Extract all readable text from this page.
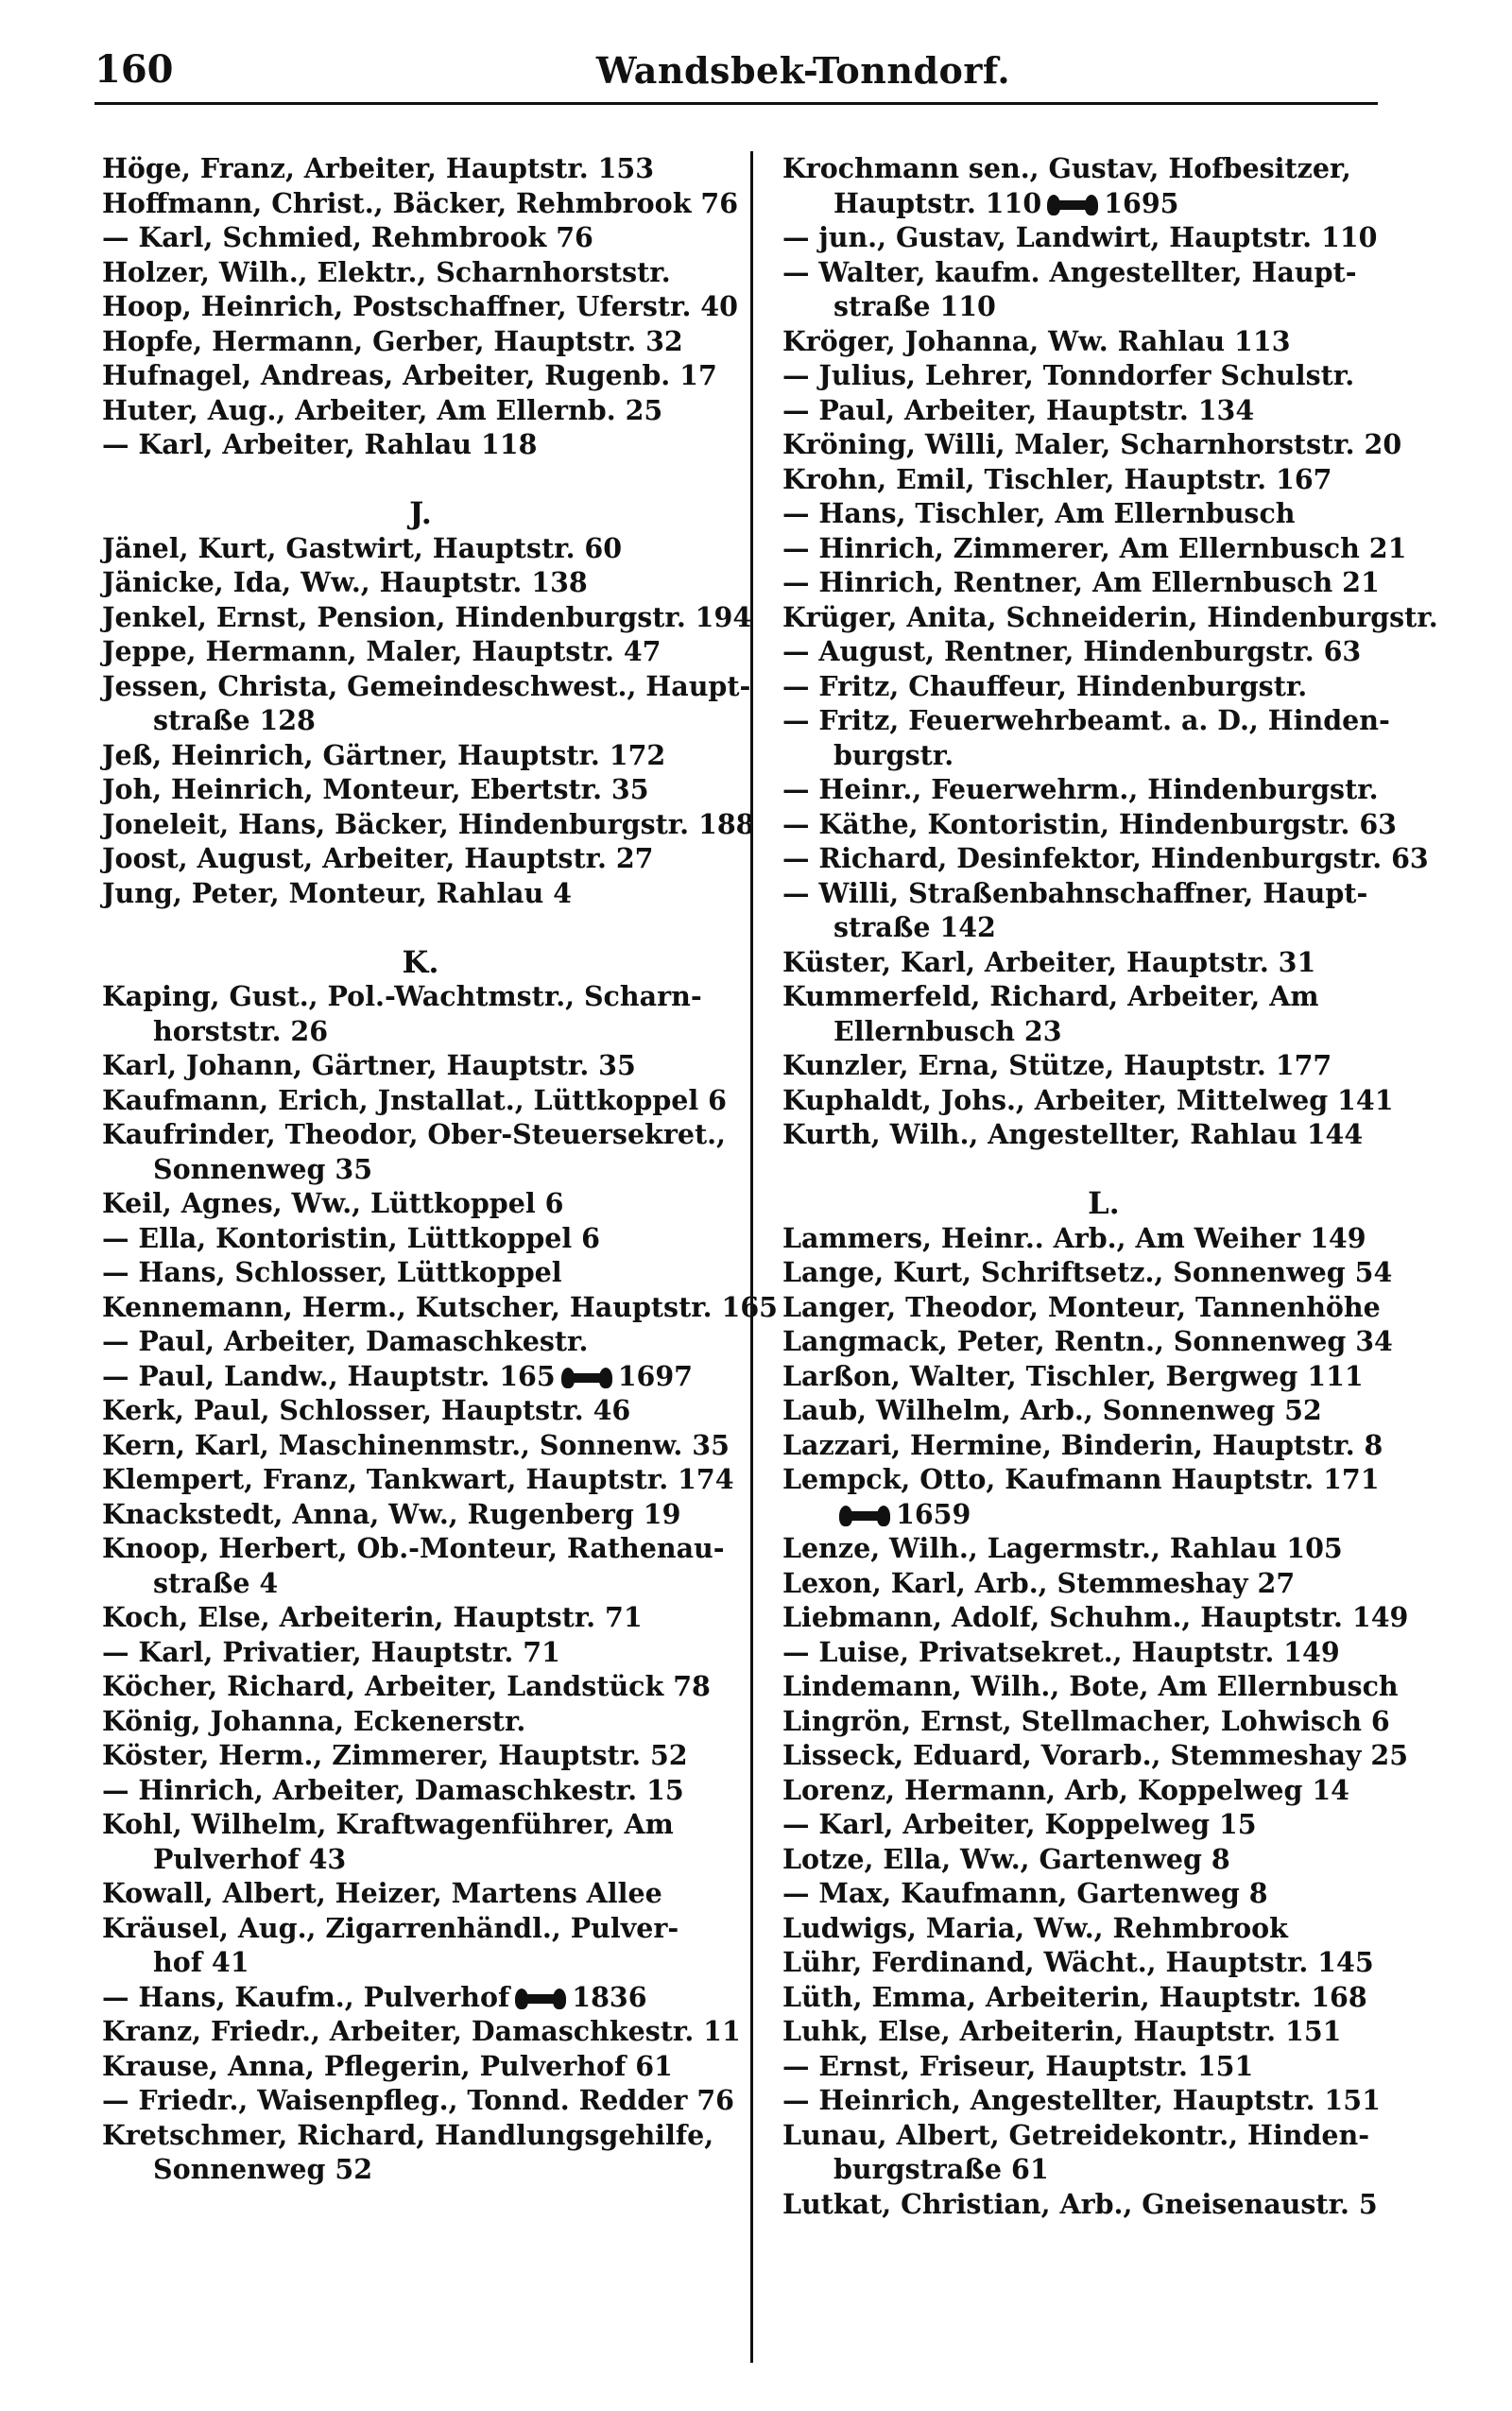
160	Wandsbek-Tonndorf.
Höge, Franz, Arbeiter, Hauptstr. 153
Hoffmann, Christ., Bäcker, Rehmbrook 76
— Karl, Schmied, Rehmbrook 76
Holzer, Wilh., Elektr., Scharnhorststr.
Hoop, Heinrich, Postschaffner, Uferstr. 40
Hopfe, Hermann, Gerber, Hauptstr. 32
Hufnagel, Andreas, Arbeiter, Rugenb. 17
Huter, Aug., Arbeiter, Am Ellernb. 25
— Karl, Arbeiter, Rahlau 118
J.
Jänel, Kurt, Gastwirt, Hauptstr. 60
Jänicke, Ida, Ww., Hauptstr. 138
Jenkel, Ernst, Pension, Hindenburgstr. 194
Jeppe, Hermann, Maler, Hauptstr. 47
Jessen, Christa, Gemeindeschwest., Haupt-
straße 128
Jeß, Heinrich, Gärtner, Hauptstr. 172
Joh, Heinrich, Monteur, Ebertstr. 35
Joneleit, Hans, Bäcker, Hindenburgstr. 188
Joost, August, Arbeiter, Hauptstr. 27
Jung, Peter, Monteur, Rahlau 4
K.
Kaping, Gust., Pol.-Wachtmstr., Scharn-
horststr. 26
Karl, Johann, Gärtner, Hauptstr. 35
Kaufmann, Erich, Jnstallat., Lüttkoppel 6
Kaufrinder, Theodor, Ober-Steuersekret.,
Sonnenweg 35
Keil, Agnes, Ww., Lüttkoppel 6
— Ella, Kontoristin, Lüttkoppel 6
— Hans, Schlosser, Lüttkoppel
Kennemann, Herm., Kutscher, Hauptstr. 165
— Paul, Arbeiter, Damaschkestr.
— Paul, Landw., Hauptstr. 165 1697
Kerk, Paul, Schlosser, Hauptstr. 46
Kern, Karl, Maschinenmstr., Sonnenw. 35
Klempert, Franz, Tankwart, Hauptstr. 174
Knackstedt, Anna, Ww., Rugenberg 19
Knoop, Herbert, Ob.-Monteur, Rathenau-
straße 4
Koch, Else, Arbeiterin, Hauptstr. 71
— Karl, Privatier, Hauptstr. 71
Köcher, Richard, Arbeiter, Landstück 78
König, Johanna, Eckenerstr.
Köster, Herm., Zimmerer, Hauptstr. 52
— Hinrich, Arbeiter, Damaschkestr. 15
Kohl, Wilhelm, Kraftwagenführer, Am
Pulverhof 43
Kowall, Albert, Heizer, Martens Allee
Kräusel, Aug., Zigarrenhändl., Pulver-
hof 41
— Hans, Kaufm., Pulverhof 1836
Kranz, Friedr., Arbeiter, Damaschkestr. 11
Krause, Anna, Pflegerin, Pulverhof 61
— Friedr., Waisenpfleg., Tonnd. Redder 76
Kretschmer, Richard, Handlungsgehilfe,
Sonnenweg 52
Krochmann sen., Gustav, Hofbesitzer,
Hauptstr. 110 1695
— jun., Gustav, Landwirt, Hauptstr. 110
— Walter, kaufm. Angestellter, Haupt-
straße 110
Kröger, Johanna, Ww. Rahlau 113
— Julius, Lehrer, Tonndorfer Schulstr.
— Paul, Arbeiter, Hauptstr. 134
Kröning, Willi, Maler, Scharnhorststr. 20
Krohn, Emil, Tischler, Hauptstr. 167
— Hans, Tischler, Am Ellernbusch
— Hinrich, Zimmerer, Am Ellernbusch 21
— Hinrich, Rentner, Am Ellernbusch 21
Krüger, Anita, Schneiderin, Hindenburgstr.
— August, Rentner, Hindenburgstr. 63
— Fritz, Chauffeur, Hindenburgstr.
— Fritz, Feuerwehrbeamt. a. D., Hinden-
burgstr.
— Heinr., Feuerwehrm., Hindenburgstr.
— Käthe, Kontoristin, Hindenburgstr. 63
— Richard, Desinfektor, Hindenburgstr. 63
— Willi, Straßenbahnschaffner, Haupt-
straße 142
Küster, Karl, Arbeiter, Hauptstr. 31
Kummerfeld, Richard, Arbeiter, Am
Ellernbusch 23
Kunzler, Erna, Stütze, Hauptstr. 177
Kuphaldt, Johs., Arbeiter, Mittelweg 141
Kurth, Wilh., Angestellter, Rahlau 144
L.
Lammers, Heinr.. Arb., Am Weiher 149
Lange, Kurt, Schriftsetz., Sonnenweg 54
Langer, Theodor, Monteur, Tannenhöhe
Langmack, Peter, Rentn., Sonnenweg 34
Larßon, Walter, Tischler, Bergweg 111
Laub, Wilhelm, Arb., Sonnenweg 52
Lazzari, Hermine, Binderin, Hauptstr. 8
Lempck, Otto, Kaufmann Hauptstr. 171
1659
Lenze, Wilh., Lagermstr., Rahlau 105
Lexon, Karl, Arb., Stemmeshay 27
Liebmann, Adolf, Schuhm., Hauptstr. 149
— Luise, Privatsekret., Hauptstr. 149
Lindemann, Wilh., Bote, Am Ellernbusch
Lingrön, Ernst, Stellmacher, Lohwisch 6
Lisseck, Eduard, Vorarb., Stemmeshay 25
Lorenz, Hermann, Arb, Koppelweg 14
— Karl, Arbeiter, Koppelweg 15
Lotze, Ella, Ww., Gartenweg 8
— Max, Kaufmann, Gartenweg 8
Ludwigs, Maria, Ww., Rehmbrook
Lühr, Ferdinand, Wächt., Hauptstr. 145
Lüth, Emma, Arbeiterin, Hauptstr. 168
Luhk, Else, Arbeiterin, Hauptstr. 151
— Ernst, Friseur, Hauptstr. 151
— Heinrich, Angestellter, Hauptstr. 151
Lunau, Albert, Getreidekontr., Hinden-
burgstraße 61
Lutkat, Christian, Arb., Gneisenaustr. 5
